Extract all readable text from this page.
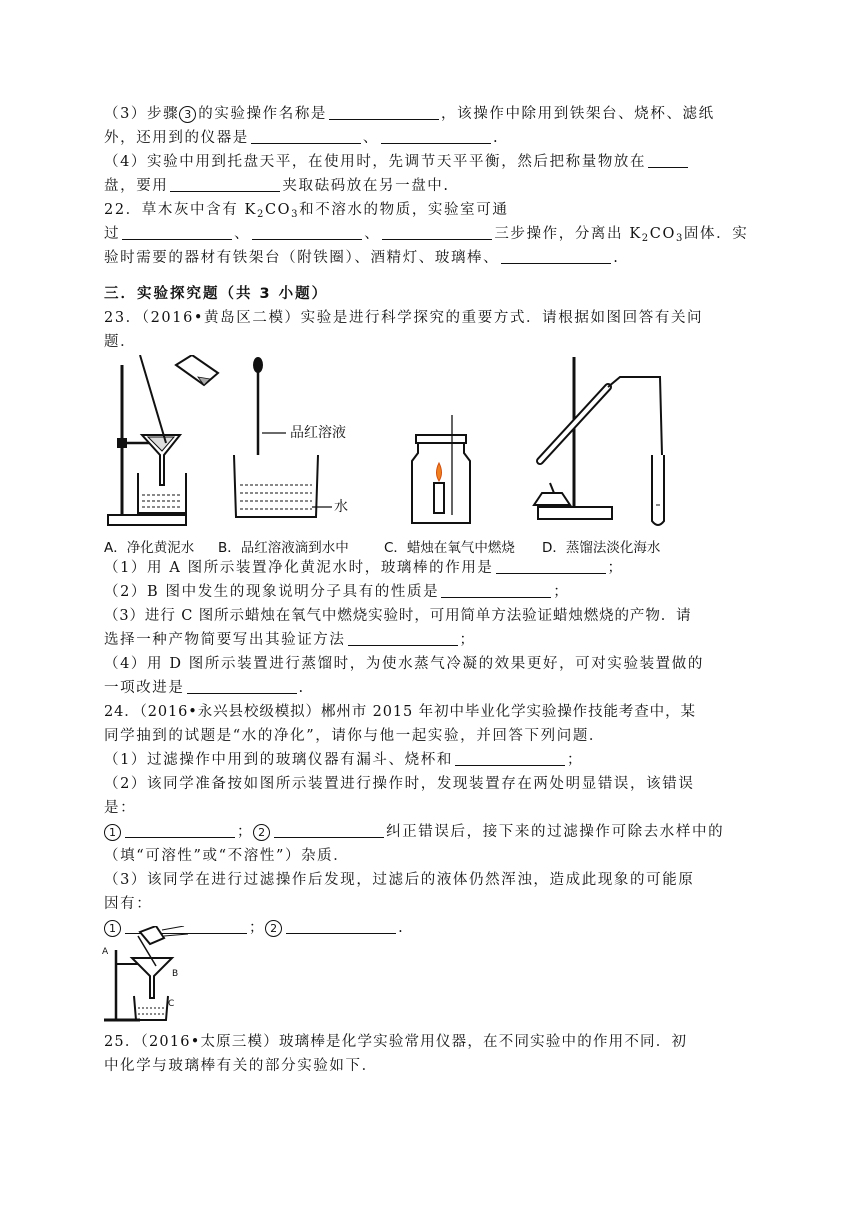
（3）步骤 3 的实验操作名称是	，该操作中除用到铁架台、烧杯、滤纸
外，还用到的仪器是	、	.
（4）实验中用到托盘天平，在使用时，先调节天平平衡，然后把称量物放在
盘，要用	夹取砝码放在另一盘中.
22．草木灰中含有 $K_2CO_3$和不溶水的物质，实验室可通
过	、	、	三步操作，分离出 $K_2CO_3$固体．实
验时需要的器材有铁架台（附铁圈）、酒精灯、玻璃棒、	.
三．实验探究题（共 3 小题）
23．（2016•黄岛区二模）实验是进行科学探究的重要方式．请根据如图回答有关问
题．
品红溶液
水
A．净化黄泥水 B．品红溶液滴到水中	C．蜡烛在氧气中燃烧 D．蒸馏法淡化海水
（1）用 A 图所示装置净化黄泥水时，玻璃棒的作用是	；
（2）B 图中发生的现象说明分子具有的性质是	；
（3）进行 C 图所示蜡烛在氧气中燃烧实验时，可用简单方法验证蜡烛燃烧的产物．请
选择一种产物简要写出其验证方法	；
（4）用 D 图所示装置进行蒸馏时，为使水蒸气冷凝的效果更好，可对实验装置做的
一项改进是	.
24．（2016•永兴县校级模拟）郴州市 2015 年初中毕业化学实验操作技能考查中，某
同学抽到的试题是“水的净化”，请你与他一起实验，并回答下列问题．
（1）过滤操作中用到的玻璃仪器有漏斗、烧杯和	；
（2）该同学准备按如图所示装置进行操作时，发现装置存在两处明显错误，该错误
是：
1	； 2	纠正错误后，接下来的过滤操作可除去水样中的
（填“可溶性”或“不溶性”）杂质．
（3）该同学在进行过滤操作后发现，过滤后的液体仍然浑浊，造成此现象的可能原
因有：
1	； 2	.
A
B
C
25．（2016•太原三模）玻璃棒是化学实验常用仪器，在不同实验中的作用不同．初
中化学与玻璃棒有关的部分实验如下．
